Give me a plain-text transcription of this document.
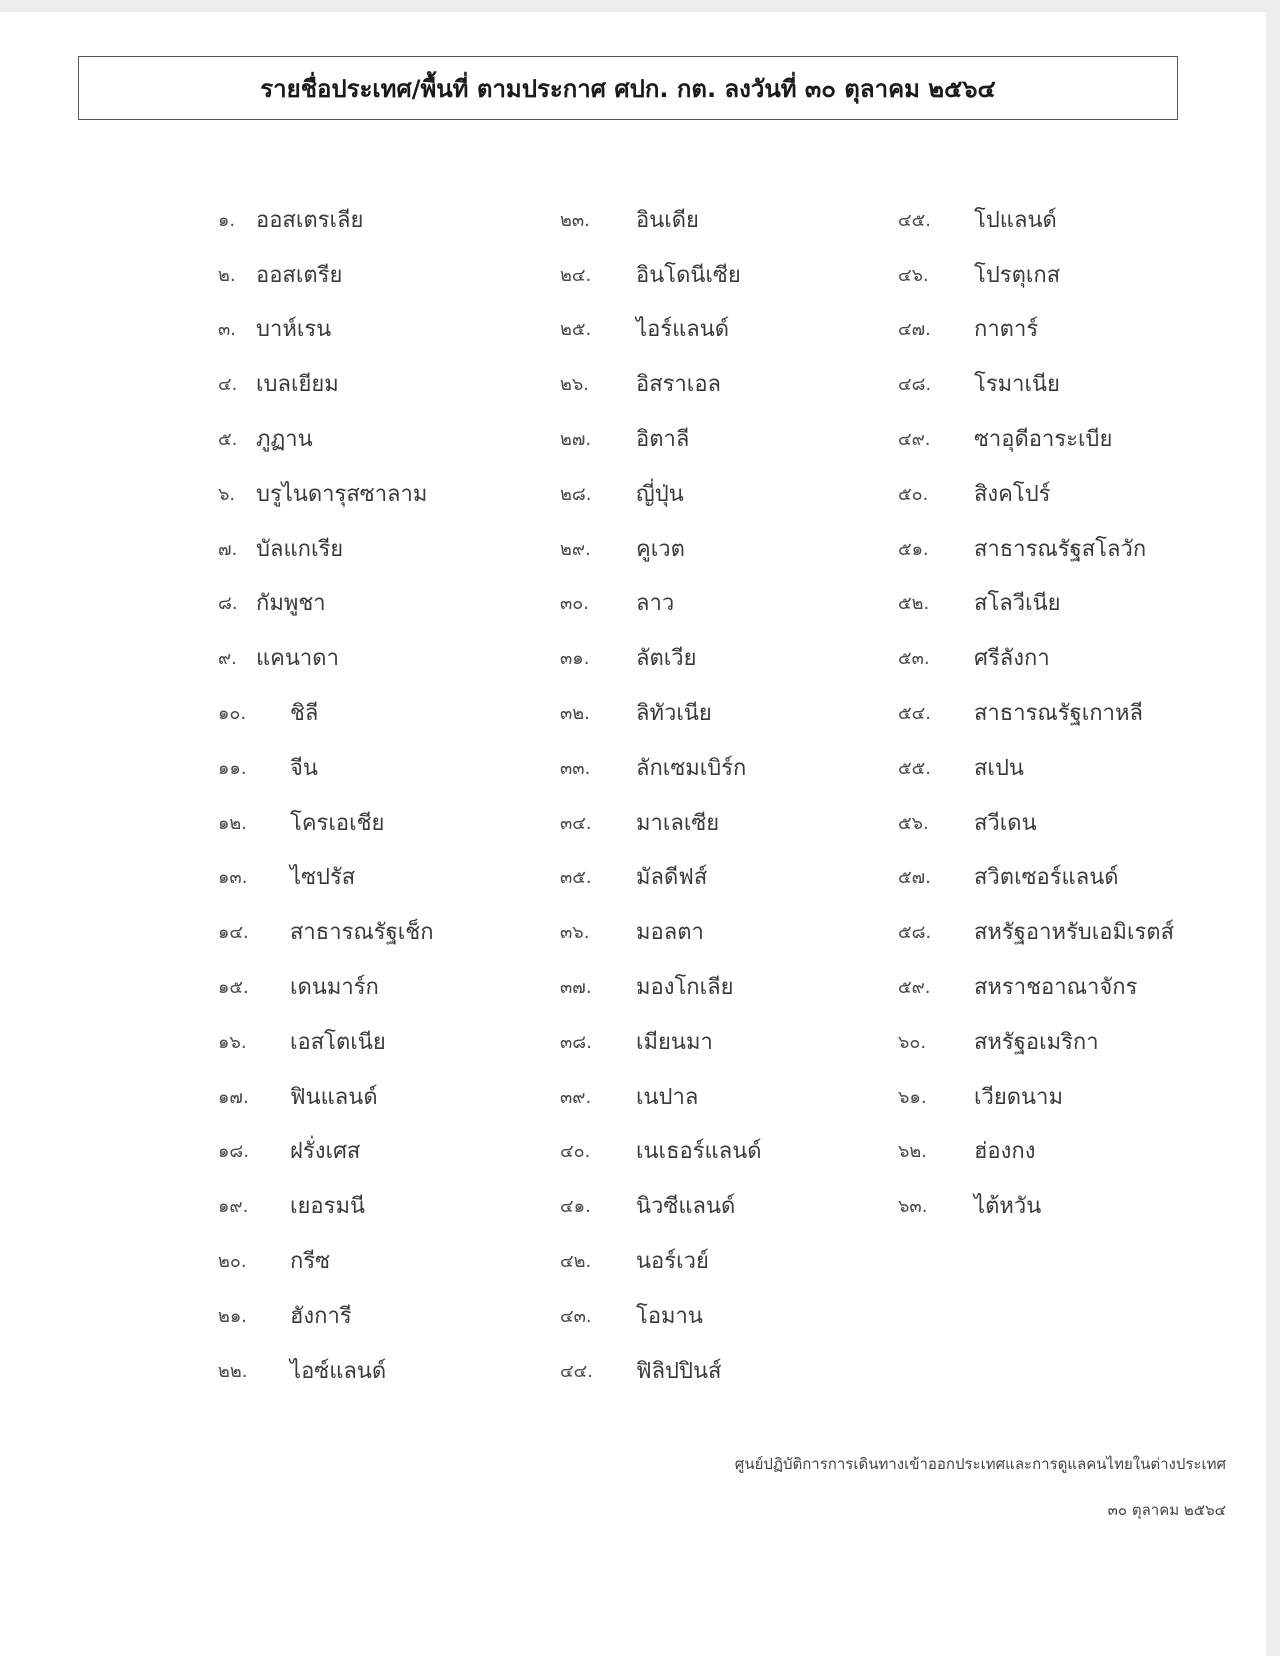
รายชื่อประเทศ/พื้นที่ ตามประกาศ ศปก. กต. ลงวันที่ ๓๐ ตุลาคม ๒๕๖๔
๑. ออสเตรเลีย
๒. ออสเตรีย
๓. บาห์เรน
๔. เบลเยียม
๕. ภูฏาน
๖. บรูไนดารุสซาลาม
๗. บัลแกเรีย
๘. กัมพูชา
๙. แคนาดา
๑๐.	ชิลี
๑๑.	จีน
๑๒.	โครเอเชีย
๑๓.	ไซปรัส
๑๔.	สาธารณรัฐเช็ก
๑๕.	เดนมาร์ก
๑๖.	เอสโตเนีย
๑๗.	ฟินแลนด์
๑๘.	ฝรั่งเศส
๑๙.	เยอรมนี
๒๐.	กรีซ
๒๑.	ฮังการี
๒๒.	ไอซ์แลนด์
๒๓.	อินเดีย
๒๔.	อินโดนีเซีย
๒๕.	ไอร์แลนด์
๒๖.	อิสราเอล
๒๗.	อิตาลี
๒๘.	ญี่ปุ่น
๒๙.	คูเวต
๓๐.	ลาว
๓๑.	ลัตเวีย
๓๒.	ลิทัวเนีย
๓๓.	ลักเซมเบิร์ก
๓๔.	มาเลเซีย
๓๕.	มัลดีฟส์
๓๖.	มอลตา
๓๗.	มองโกเลีย
๓๘.	เมียนมา
๓๙.	เนปาล
๔๐.	เนเธอร์แลนด์
๔๑.	นิวซีแลนด์
๔๒.	นอร์เวย์
๔๓.	โอมาน
๔๔.	ฟิลิปปินส์
๔๕.	โปแลนด์
๔๖.	โปรตุเกส
๔๗.	กาตาร์
๔๘.	โรมาเนีย
๔๙.	ซาอุดีอาระเบีย
๕๐.	สิงคโปร์
๕๑.	สาธารณรัฐสโลวัก
๕๒.	สโลวีเนีย
๕๓.	ศรีลังกา
๕๔.	สาธารณรัฐเกาหลี
๕๕.	สเปน
๕๖.	สวีเดน
๕๗.	สวิตเซอร์แลนด์
๕๘.	สหรัฐอาหรับเอมิเรตส์
๕๙.	สหราชอาณาจักร
๖๐.	สหรัฐอเมริกา
๖๑.	เวียดนาม
๖๒.	ฮ่องกง
๖๓.	ไต้หวัน
ศูนย์ปฏิบัติการการเดินทางเข้าออกประเทศและการดูแลคนไทยในต่างประเทศ
๓๐ ตุลาคม ๒๕๖๔
